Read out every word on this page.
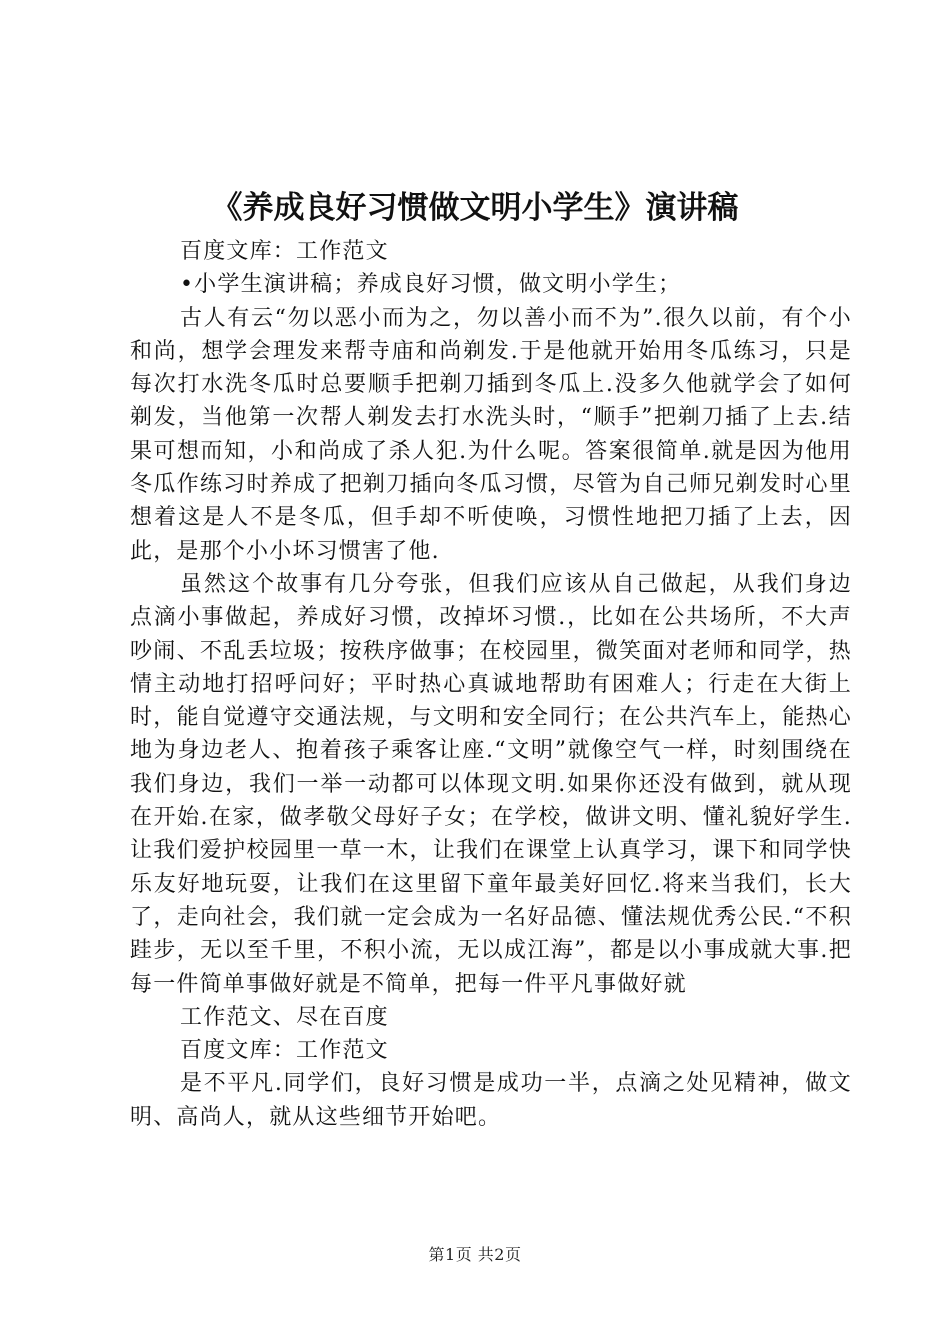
《养成良好习惯做文明小学生》演讲稿

百度文库：工作范文

•小学生演讲稿；养成良好习惯，做文明小学生；

古人有云“勿以恶小而为之，勿以善小而不为”.很久以前，有个小和尚，想学会理发来帮寺庙和尚剃发.于是他就开始用冬瓜练习，只是每次打水洗冬瓜时总要顺手把剃刀插到冬瓜上.没多久他就学会了如何剃发，当他第一次帮人剃发去打水洗头时，“顺手”把剃刀插了上去.结果可想而知，小和尚成了杀人犯.为什么呢。答案很简单.就是因为他用冬瓜作练习时养成了把剃刀插向冬瓜习惯，尽管为自己师兄剃发时心里想着这是人不是冬瓜，但手却不听使唤，习惯性地把刀插了上去，因此，是那个小小坏习惯害了他.

虽然这个故事有几分夸张，但我们应该从自己做起，从我们身边点滴小事做起，养成好习惯，改掉坏习惯.，比如在公共场所，不大声吵闹、不乱丢垃圾；按秩序做事；在校园里，微笑面对老师和同学，热情主动地打招呼问好；平时热心真诚地帮助有困难人；行走在大街上时，能自觉遵守交通法规，与文明和安全同行；在公共汽车上，能热心地为身边老人、抱着孩子乘客让座.“文明”就像空气一样，时刻围绕在我们身边，我们一举一动都可以体现文明.如果你还没有做到，就从现在开始.在家，做孝敬父母好子女；在学校，做讲文明、懂礼貌好学生.让我们爱护校园里一草一木，让我们在课堂上认真学习，课下和同学快乐友好地玩耍，让我们在这里留下童年最美好回忆.将来当我们，长大了，走向社会，我们就一定会成为一名好品德、懂法规优秀公民.“不积跬步，无以至千里，不积小流，无以成江海”，都是以小事成就大事.把每一件简单事做好就是不简单，把每一件平凡事做好就

工作范文、尽在百度

百度文库：工作范文

是不平凡.同学们，良好习惯是成功一半，点滴之处见精神，做文明、高尚人，就从这些细节开始吧。

第1页 共2页
